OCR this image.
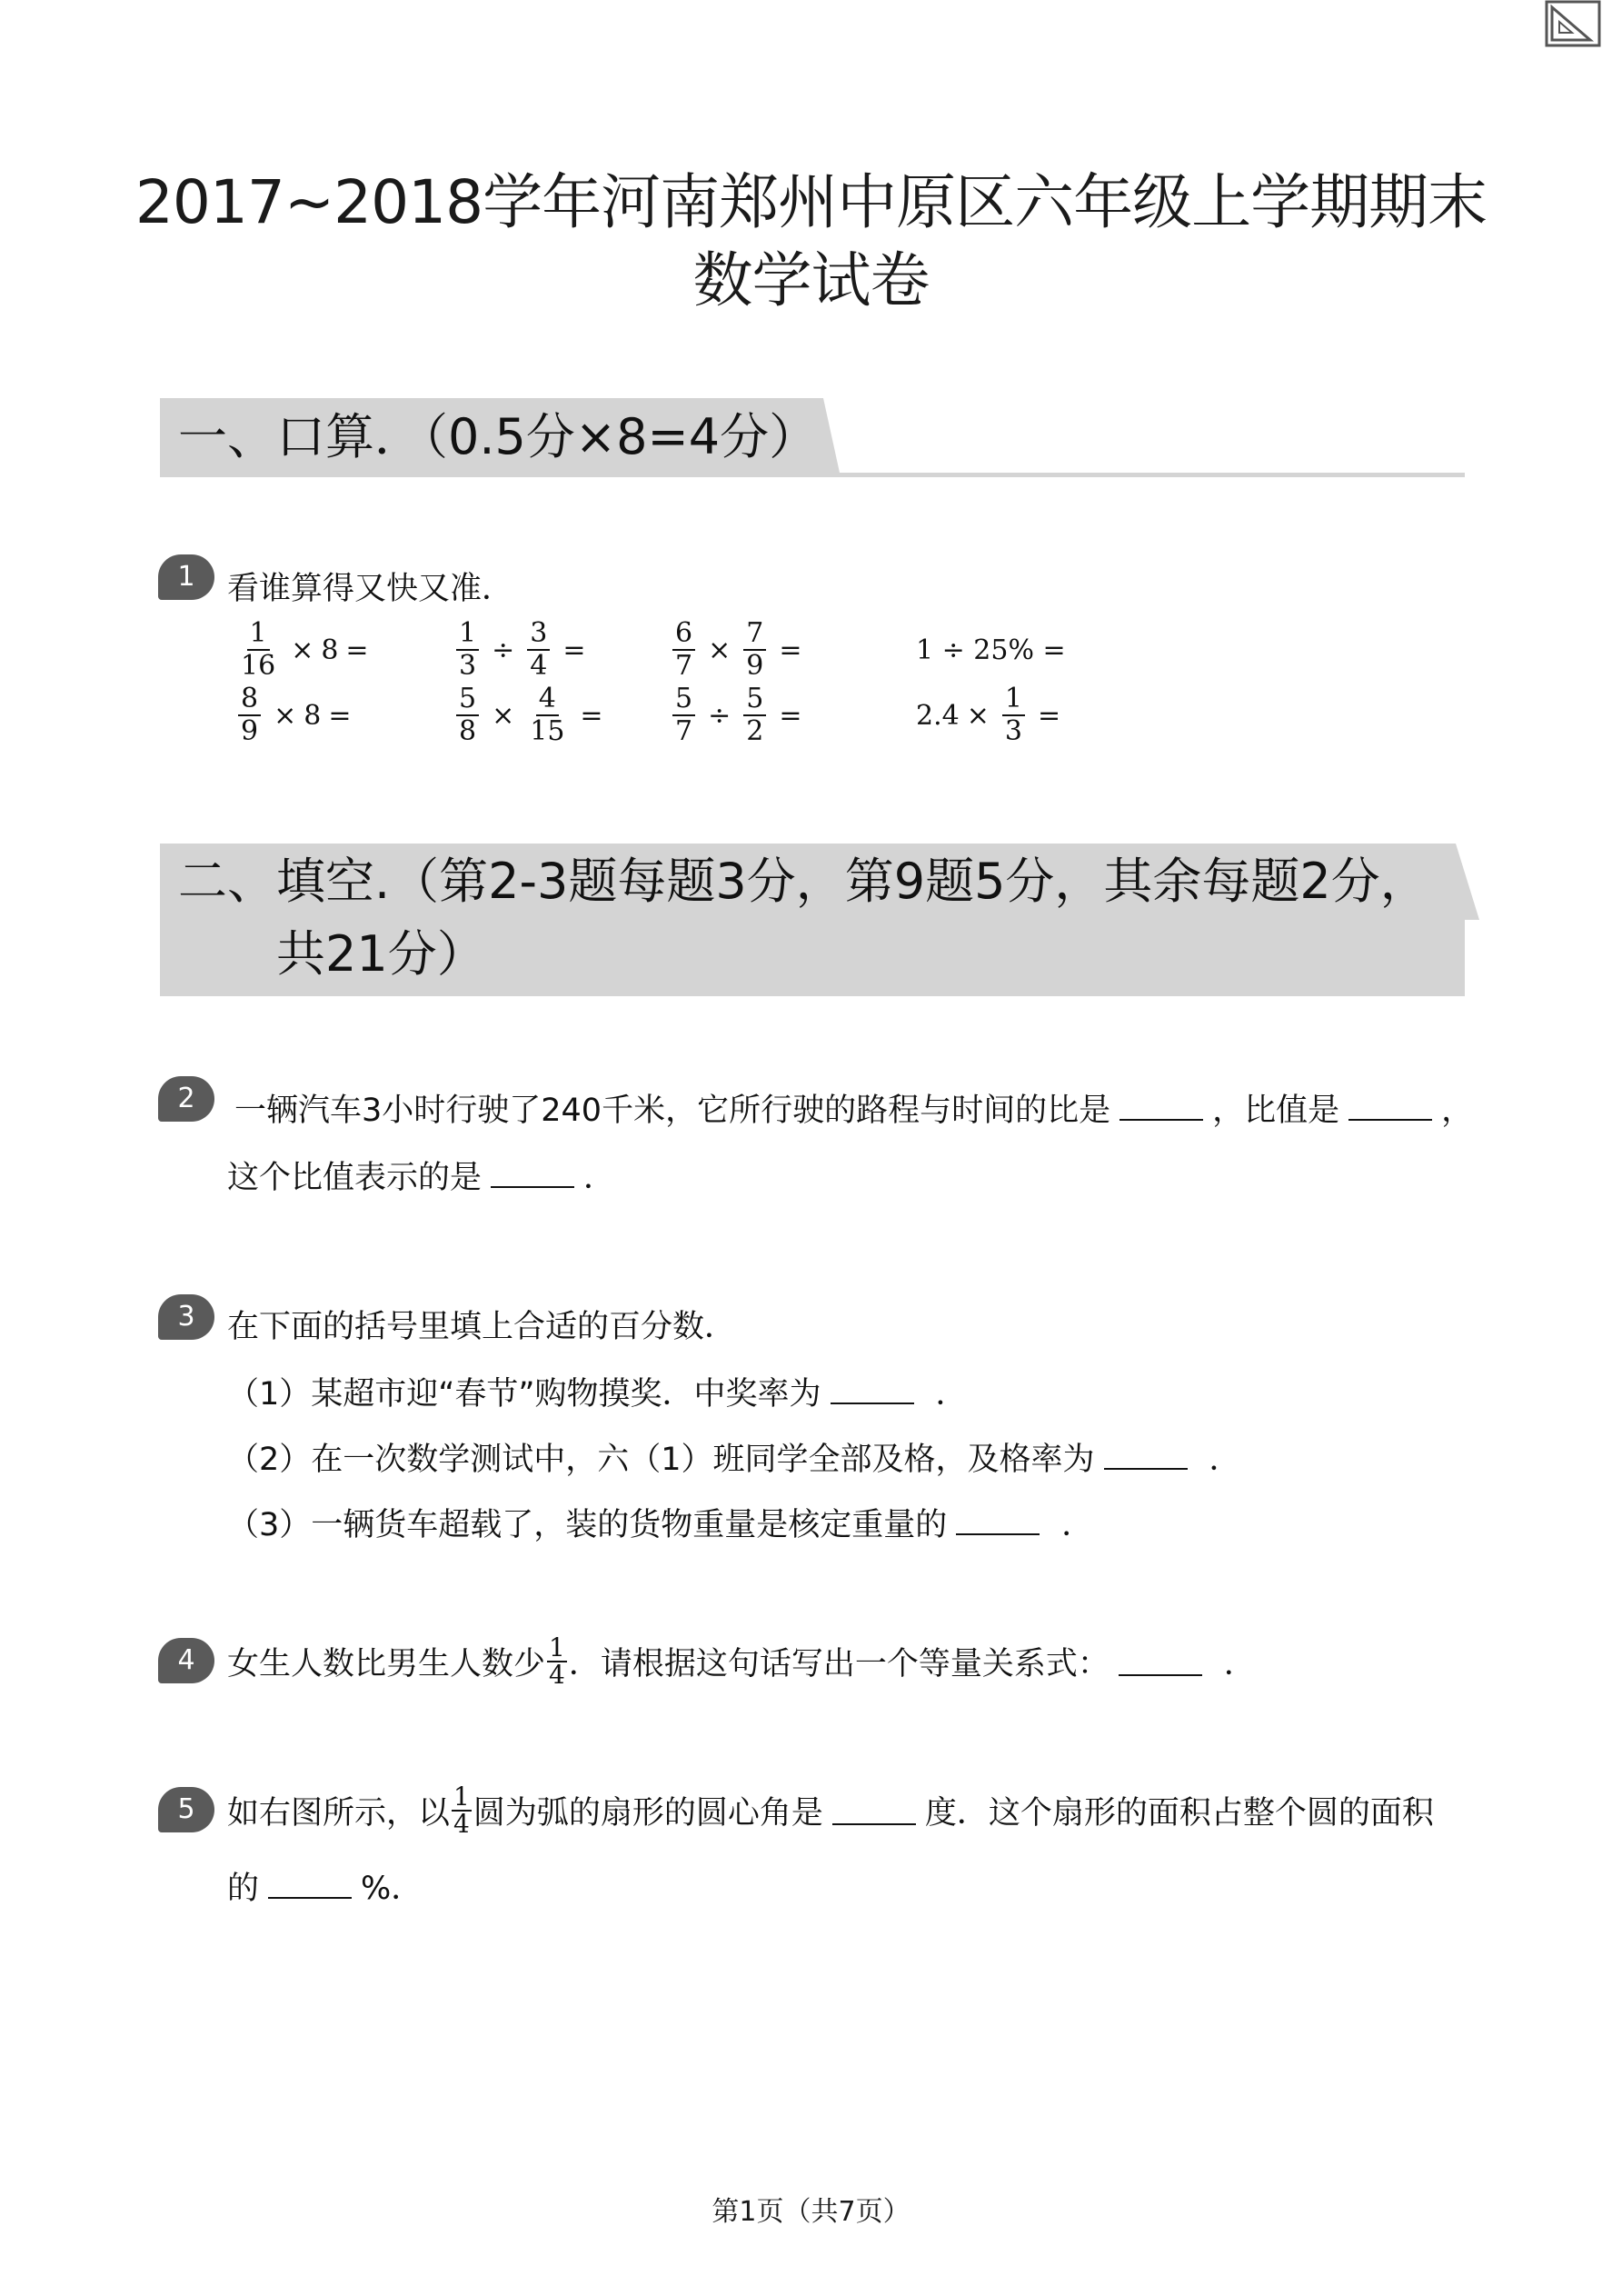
2017~2018学年河南郑州中原区六年级上学期期末
数学试卷
一、口算．（0.5分×8=4分）
1	看谁算得又快又准．
$\frac{1}{16} \times 8$ =	$\frac{1}{3} \div \frac{3}{4}$ =	$\frac{6}{7} \times \frac{7}{9}$ =	1 ÷ 25% =
$\frac{8}{9} \times 8$ =	$\frac{5}{8} \times \frac{4}{15}$ =	$\frac{5}{7} \div \frac{5}{2}$ =	$2.4 \times \frac{1}{3}$ =
二、填空.（第2-3题每题3分，第9题5分，其余每题2分，
共21分）
2	一辆汽车3小时行驶了240千米，它所行驶的路程与时间的比是	，比值是	，
这个比值表示的是	．
3	在下面的括号里填上合适的百分数．
（1）某超市迎“春节”购物摸奖．中奖率为	．
（2）在一次数学测试中，六（1）班同学全部及格，及格率为	．
（3）一辆货车超载了，装的货物重量是核定重量的	．
4	女生人数比男生人数少 1
4 ．请根据这句话写出一个等量关系式：	．
5	如右图所示，以 1
4 圆为弧的扇形的圆心角是	度．这个扇形的面积占整个圆的面积
的	%．
第1页（共7页）
